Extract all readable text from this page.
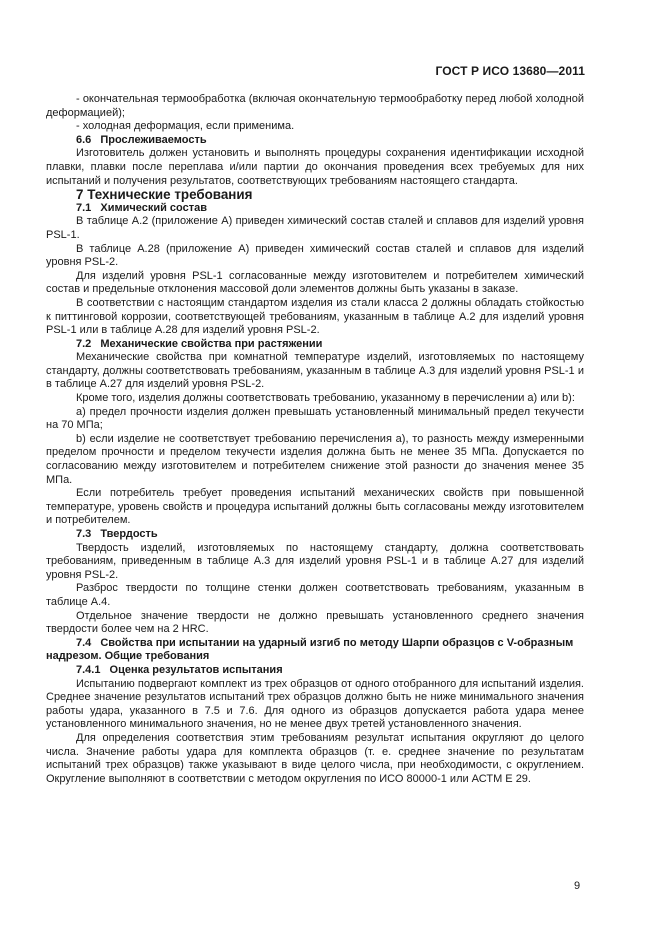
ГОСТ Р ИСО 13680—2011

- окончательная термообработка (включая окончательную термообработку перед любой холодной деформацией);

- холодная деформация, если применима.

6.6 Прослеживаемость

Изготовитель должен установить и выполнять процедуры сохранения идентификации исходной плавки, плавки после переплава и/или партии до окончания проведения всех требуемых для них испытаний и получения результатов, соответствующих требованиям настоящего стандарта.

7 Технические требования

7.1 Химический состав

В таблице А.2 (приложение А) приведен химический состав сталей и сплавов для изделий уровня PSL-1.

В таблице А.28 (приложение А) приведен химический состав сталей и сплавов для изделий уровня PSL-2.

Для изделий уровня PSL-1 согласованные между изготовителем и потребителем химический состав и предельные отклонения массовой доли элементов должны быть указаны в заказе.

В соответствии с настоящим стандартом изделия из стали класса 2 должны обладать стойкостью к питтинговой коррозии, соответствующей требованиям, указанным в таблице А.2 для изделий уровня PSL-1 или в таблице А.28 для изделий уровня PSL-2.

7.2 Механические свойства при растяжении

Механические свойства при комнатной температуре изделий, изготовляемых по настоящему стандарту, должны соответствовать требованиям, указанным в таблице А.3 для изделий уровня PSL-1 и в таблице А.27 для изделий уровня PSL-2.

Кроме того, изделия должны соответствовать требованию, указанному в перечислении а) или b):

а) предел прочности изделия должен превышать установленный минимальный предел текучести на 70 МПа;

b) если изделие не соответствует требованию перечисления а), то разность между измеренными пределом прочности и пределом текучести изделия должна быть не менее 35 МПа. Допускается по согласованию между изготовителем и потребителем снижение этой разности до значения менее 35 МПа.

Если потребитель требует проведения испытаний механических свойств при повышенной температуре, уровень свойств и процедура испытаний должны быть согласованы между изготовителем и потребителем.

7.3 Твердость

Твердость изделий, изготовляемых по настоящему стандарту, должна соответствовать требованиям, приведенным в таблице А.3 для изделий уровня PSL-1 и в таблице А.27 для изделий уровня PSL-2.

Разброс твердости по толщине стенки должен соответствовать требованиям, указанным в таблице А.4.

Отдельное значение твердости не должно превышать установленного среднего значения твердости более чем на 2 HRC.

7.4 Свойства при испытании на ударный изгиб по методу Шарпи образцов с V-образным надрезом. Общие требования

7.4.1 Оценка результатов испытания

Испытанию подвергают комплект из трех образцов от одного отобранного для испытаний изделия. Среднее значение результатов испытаний трех образцов должно быть не ниже минимального значения работы удара, указанного в 7.5 и 7.6. Для одного из образцов допускается работа удара менее установленного минимального значения, но не менее двух третей установленного значения.

Для определения соответствия этим требованиям результат испытания округляют до целого числа. Значение работы удара для комплекта образцов (т. е. среднее значение по результатам испытаний трех образцов) также указывают в виде целого числа, при необходимости, с округлением. Округление выполняют в соответствии с методом округления по ИСО 80000-1 или АСТМ Е 29.

9
